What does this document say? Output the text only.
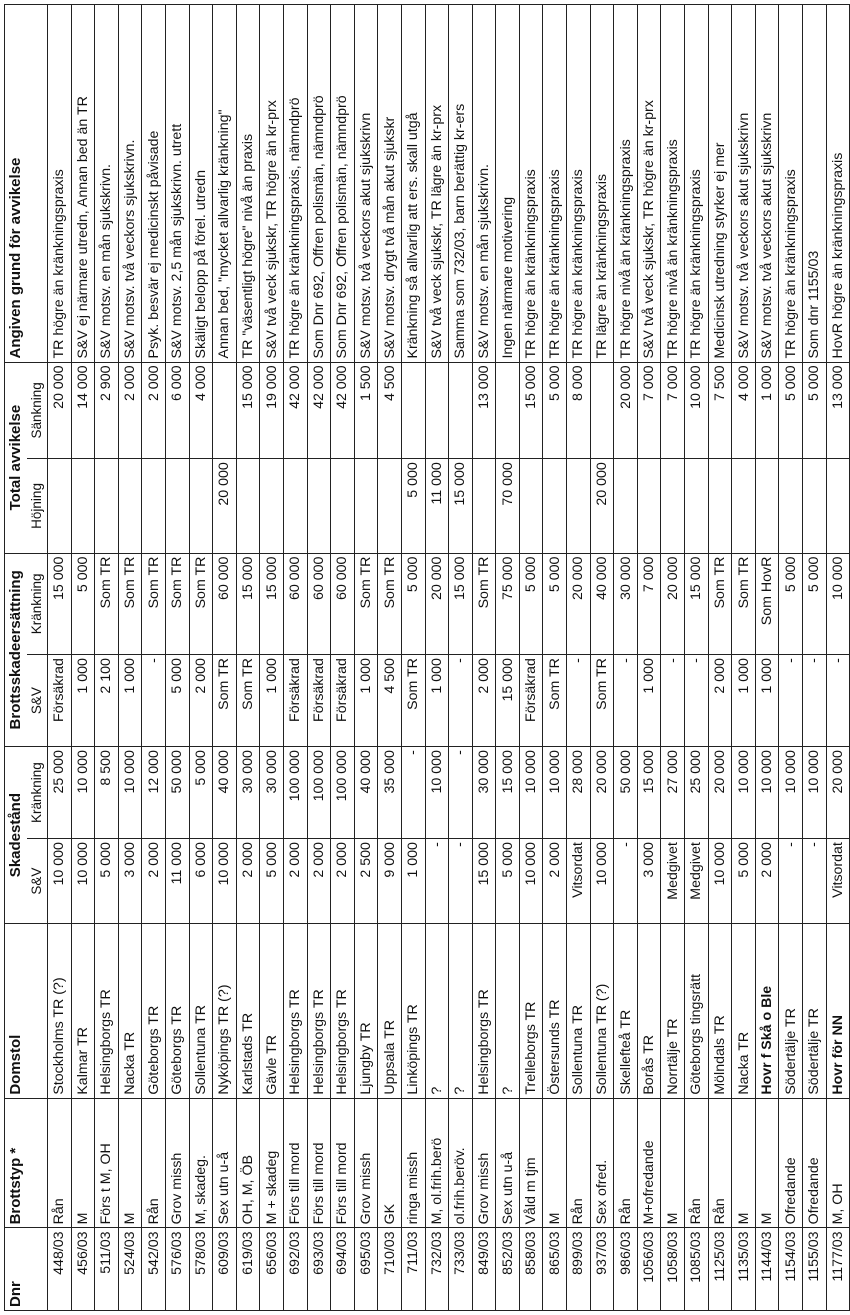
Dnr	Brottstyp *	Domstol	Skadestånd		Brottsskadeersättning		Total avvikelse		Angiven grund för avvikelse
			S&V	Kränkning	S&V	Kränkning	Höjning	Sänkning	
448/03	Rån	Stockholms TR (?)	10 000	25 000	Försäkrad	15 000		20 000	TR högre än kränkningspraxis
456/03	M	Kalmar TR	10 000	10 000	1 000	5 000		14 000	S&V ej närmare utredn, Annan bed än TR
511/03	Förs t M, OH	Helsingborgs TR	5 000	8 500	2 100	Som TR		2 900	S&V motsv. en mån sjukskrivn.
524/03	M	Nacka TR	3 000	10 000	1 000	Som TR		2 000	S&V motsv. två veckors sjukskrivn.
542/03	Rån	Göteborgs TR	2 000	12 000	-	Som TR		2 000	Psyk. besvär ej medicinskt påvisade
576/03	Grov missh	Göteborgs TR	11 000	50 000	5 000	Som TR		6 000	S&V motsv. 2,5 mån sjukskrivn. utrett
578/03	M, skadeg.	Sollentuna TR	6 000	5 000	2 000	Som TR		4 000	Skäligt belopp på förel. utredn
609/03	Sex utn u-å	Nyköpings TR (?)	10 000	40 000	Som TR	60 000	20 000		Annan bed, "mycket allvarlig kränkning"
619/03	OH, M, ÖB	Karlstads TR	2 000	30 000	Som TR	15 000		15 000	TR "väsentligt högre" nivå än praxis
656/03	M + skadeg	Gävle TR	5 000	30 000	1 000	15 000		19 000	S&V två veck sjukskr, TR högre än kr-prx
692/03	Förs till mord	Helsingborgs TR	2 000	100 000	Försäkrad	60 000		42 000	TR högre än kränkningspraxis, nämndprö
693/03	Förs till mord	Helsingborgs TR	2 000	100 000	Försäkrad	60 000		42 000	Som Dnr 692, Offren polismän, nämndprö
694/03	Förs till mord	Helsingborgs TR	2 000	100 000	Försäkrad	60 000		42 000	Som Dnr 692, Offren polismän, nämndprö
695/03	Grov missh	Ljungby TR	2 500	40 000	1 000	Som TR		1 500	S&V motsv. två veckors akut sjukskrivn
710/03	GK	Uppsala TR	9 000	35 000	4 500	Som TR		4 500	S&V motsv. drygt två mån akut sjukskr
711/03	ringa missh	Linköpings TR	1 000	-	Som TR	5 000	5 000		Kränkning så allvarlig att ers. skall utgå
732/03	M, ol.frih.berö	?	-	10 000	1 000	20 000	11 000		S&V två veck sjukskr, TR lägre än kr-prx
733/03	ol.frih.beröv.	?	-	-	-	15 000	15 000		Samma som 732/03, barn berättig kr-ers
849/03	Grov missh	Helsingborgs TR	15 000	30 000	2 000	Som TR		13 000	S&V motsv. en mån sjukskrivn.
852/03	Sex utn u-å	?	5 000	15 000	15 000	75 000	70 000		Ingen närmare motivering
858/03	Våld m tjm	Trelleborgs TR	10 000	10 000	Försäkrad	5 000		15 000	TR högre än kränkningspraxis
865/03	M	Östersunds TR	2 000	10 000	Som TR	5 000		5 000	TR högre än kränkningspraxis
899/03	Rån	Sollentuna TR	Vitsordat	28 000	-	20 000		8 000	TR högre än kränkningspraxis
937/03	Sex ofred.	Sollentuna TR (?)	10 000	20 000	Som TR	40 000	20 000		TR lägre än kränkningspraxis
986/03	Rån	Skellefteå TR	-	50 000	-	30 000		20 000	TR högre nivå än kränkningspraxis
1056/03	M+ofredande	Borås TR	3 000	15 000	1 000	7 000		7 000	S&V två veck sjukskr, TR högre än kr-prx
1058/03	M	Norrtälje TR	Medgivet	27 000	-	20 000		7 000	TR högre nivå än kränkningspraxis
1085/03	Rån	Göteborgs tingsrätt	Medgivet	25 000	-	15 000		10 000	TR högre än kränkningspraxis
1125/03	Rån	Mölndals TR	10 000	20 000	2 000	Som TR		7 500	Medicinsk utredning styrker ej mer
1135/03	M	Nacka TR	5 000	10 000	1 000	Som TR		4 000	S&V motsv. två veckors akut sjukskrivn
1144/03	M	Hovr f Skå o Ble	2 000	10 000	1 000	Som HovR		1 000	S&V motsv. två veckors akut sjukskrivn
1154/03	Ofredande	Södertälje TR	-	10 000	-	5 000		5 000	TR högre än kränkningspraxis
1155/03	Ofredande	Södertälje TR	-	10 000	-	5 000		5 000	Som dnr 1155/03
1177/03	M, OH	Hovr för NN	Vitsordat	20 000	-	10 000		13 000	HovR högre än kränkningspraxis
